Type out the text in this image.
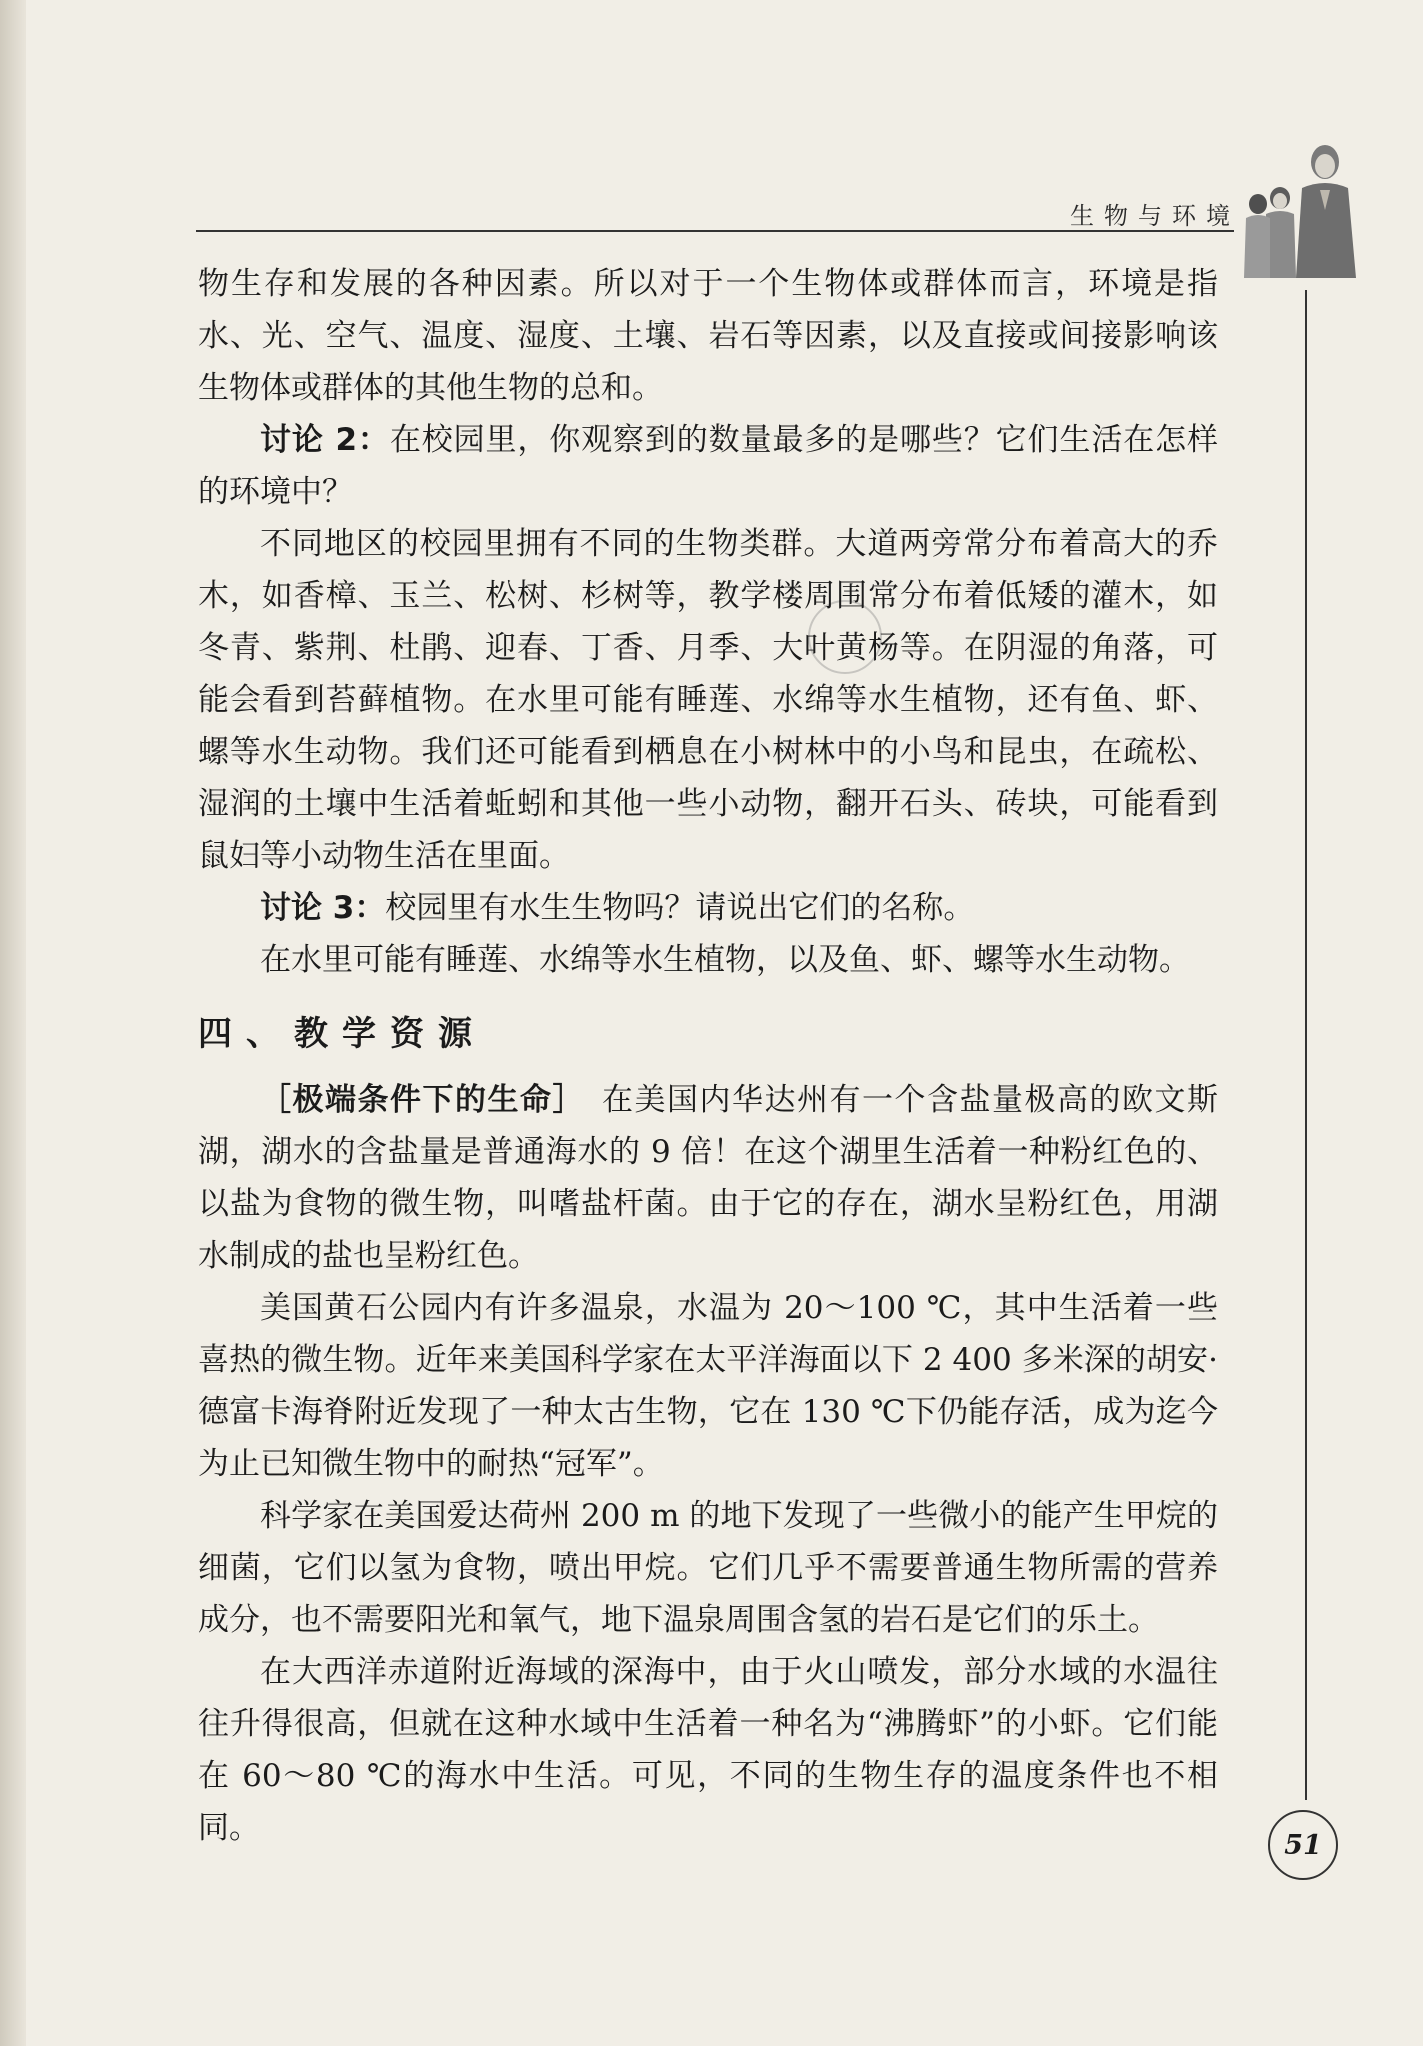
生物与环境

物生存和发展的各种因素。所以对于一个生物体或群体而言，环境是指水、光、空气、温度、湿度、土壤、岩石等因素，以及直接或间接影响该生物体或群体的其他生物的总和。

讨论 2：在校园里，你观察到的数量最多的是哪些？它们生活在怎样的环境中？

不同地区的校园里拥有不同的生物类群。大道两旁常分布着高大的乔木，如香樟、玉兰、松树、杉树等，教学楼周围常分布着低矮的灌木，如冬青、紫荆、杜鹃、迎春、丁香、月季、大叶黄杨等。在阴湿的角落，可能会看到苔藓植物。在水里可能有睡莲、水绵等水生植物，还有鱼、虾、螺等水生动物。我们还可能看到栖息在小树林中的小鸟和昆虫，在疏松、湿润的土壤中生活着蚯蚓和其他一些小动物，翻开石头、砖块，可能看到鼠妇等小动物生活在里面。

讨论 3：校园里有水生生物吗？请说出它们的名称。

在水里可能有睡莲、水绵等水生植物，以及鱼、虾、螺等水生动物。

四、教学资源

［极端条件下的生命］　在美国内华达州有一个含盐量极高的欧文斯湖，湖水的含盐量是普通海水的 9 倍！在这个湖里生活着一种粉红色的、以盐为食物的微生物，叫嗜盐杆菌。由于它的存在，湖水呈粉红色，用湖水制成的盐也呈粉红色。

美国黄石公园内有许多温泉，水温为 20～100 ℃，其中生活着一些喜热的微生物。近年来美国科学家在太平洋海面以下 2 400 多米深的胡安·德富卡海脊附近发现了一种太古生物，它在 130 ℃下仍能存活，成为迄今为止已知微生物中的耐热“冠军”。

科学家在美国爱达荷州 200 m 的地下发现了一些微小的能产生甲烷的细菌，它们以氢为食物，喷出甲烷。它们几乎不需要普通生物所需的营养成分，也不需要阳光和氧气，地下温泉周围含氢的岩石是它们的乐土。

在大西洋赤道附近海域的深海中，由于火山喷发，部分水域的水温往往升得很高，但就在这种水域中生活着一种名为“沸腾虾”的小虾。它们能在 60～80 ℃的海水中生活。可见，不同的生物生存的温度条件也不相同。	51
